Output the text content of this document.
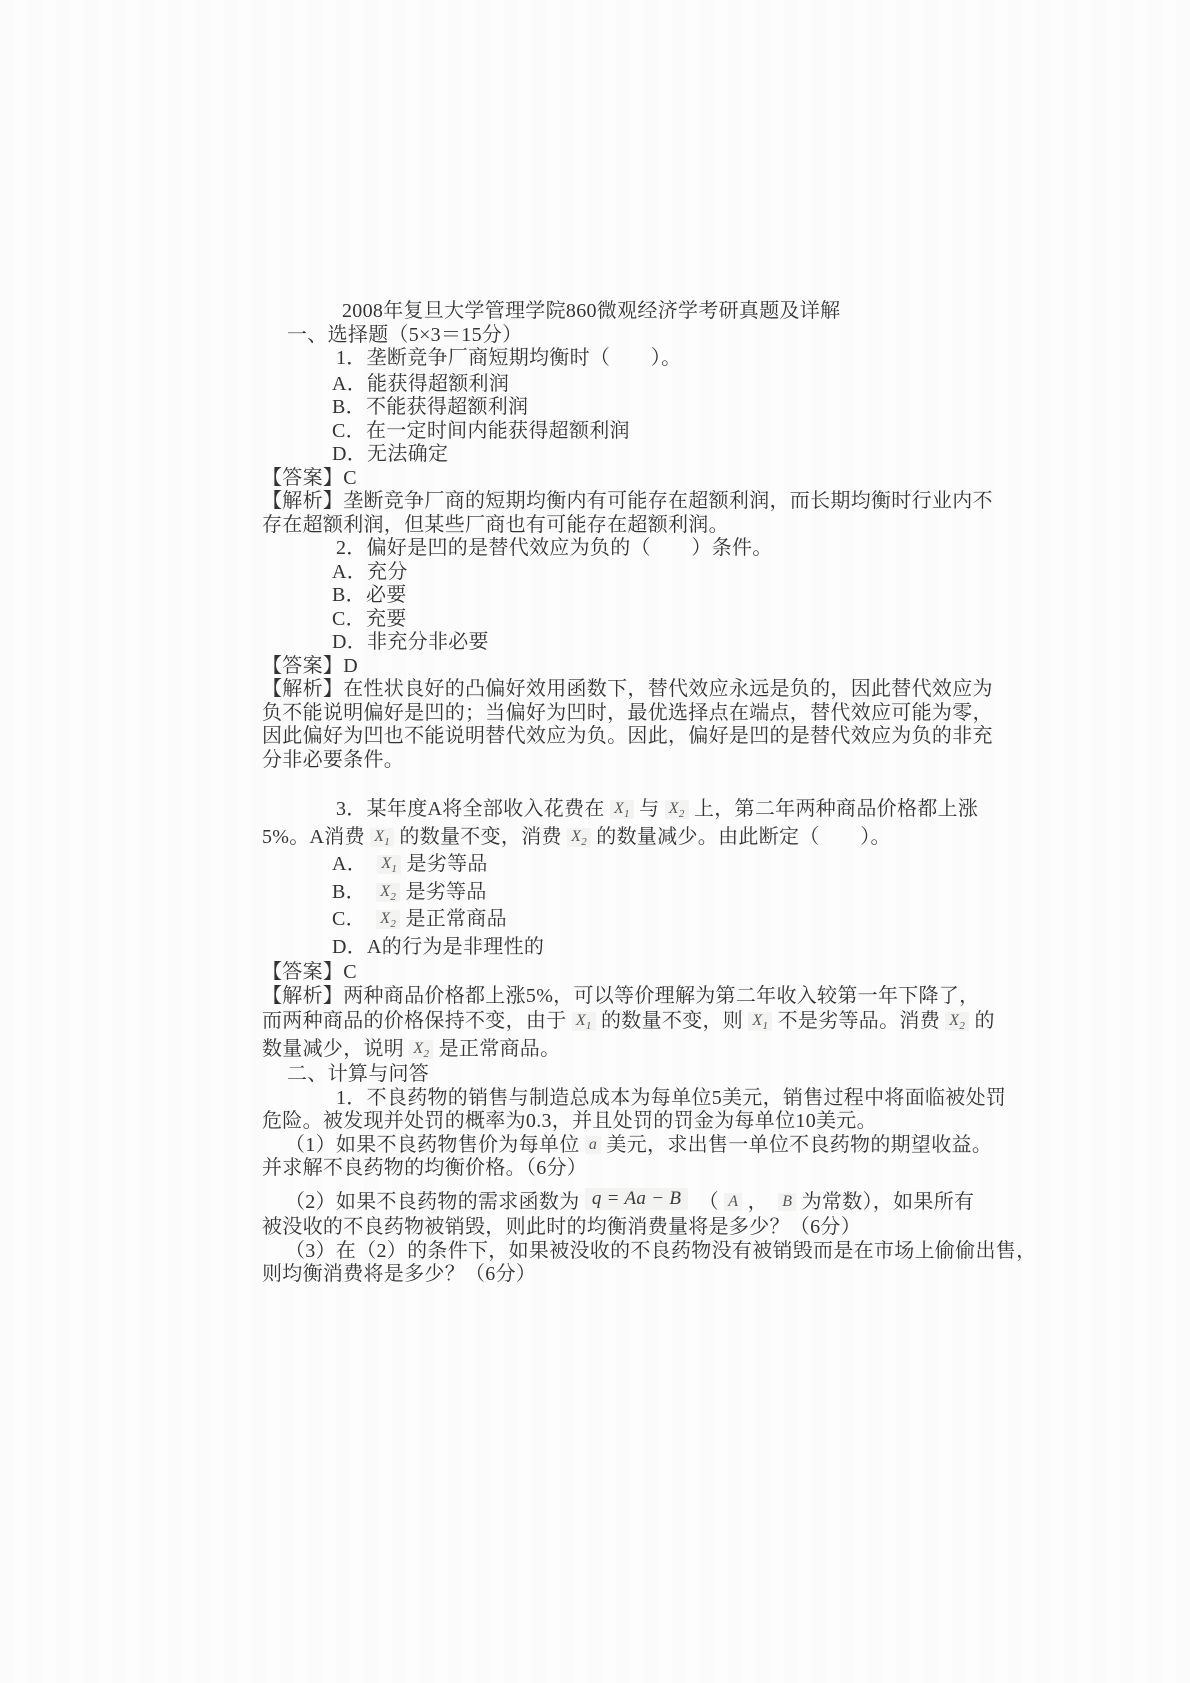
2008年复旦大学管理学院860微观经济学考研真题及详解

一、选择题（5×3＝15分）

1．垄断竞争厂商短期均衡时（　　）。

A．能获得超额利润

B．不能获得超额利润

C．在一定时间内能获得超额利润

D．无法确定

【答案】C

【解析】垄断竞争厂商的短期均衡内有可能存在超额利润，而长期均衡时行业内不

存在超额利润，但某些厂商也有可能存在超额利润。

2．偏好是凹的是替代效应为负的（　　）条件。

A．充分

B．必要

C．充要

D．非充分非必要

【答案】D

【解析】在性状良好的凸偏好效用函数下，替代效应永远是负的，因此替代效应为

负不能说明偏好是凹的；当偏好为凹时，最优选择点在端点，替代效应可能为零，

因此偏好为凹也不能说明替代效应为负。因此，偏好是凹的是替代效应为负的非充

分非必要条件。

3．某年度A将全部收入花费在 $X_1$ 与 $X_2$ 上，第二年两种商品价格都上涨

5%。A消费 $X_1$ 的数量不变，消费 $X_2$ 的数量减少。由此断定（　　）。

A．　$X_1$ 是劣等品

B．　$X_2$ 是劣等品

C．　$X_2$ 是正常商品

D．A的行为是非理性的

【答案】C

【解析】两种商品价格都上涨5%，可以等价理解为第二年收入较第一年下降了，

而两种商品的价格保持不变，由于 $X_1$ 的数量不变，则 $X_1$ 不是劣等品。消费 $X_2$ 的

数量减少，说明 $X_2$ 是正常商品。

二、计算与问答

1．不良药物的销售与制造总成本为每单位5美元，销售过程中将面临被处罚

危险。被发现并处罚的概率为0.3，并且处罚的罚金为每单位10美元。

（1）如果不良药物售价为每单位 a 美元，求出售一单位不良药物的期望收益。

并求解不良药物的均衡价格。（6分）

（2）如果不良药物的需求函数为 q = Aa − B　（ A ，　B 为常数），如果所有

被没收的不良药物被销毁，则此时的均衡消费量将是多少？（6分）

（3）在（2）的条件下，如果被没收的不良药物没有被销毁而是在市场上偷偷出售，

则均衡消费将是多少？（6分）
